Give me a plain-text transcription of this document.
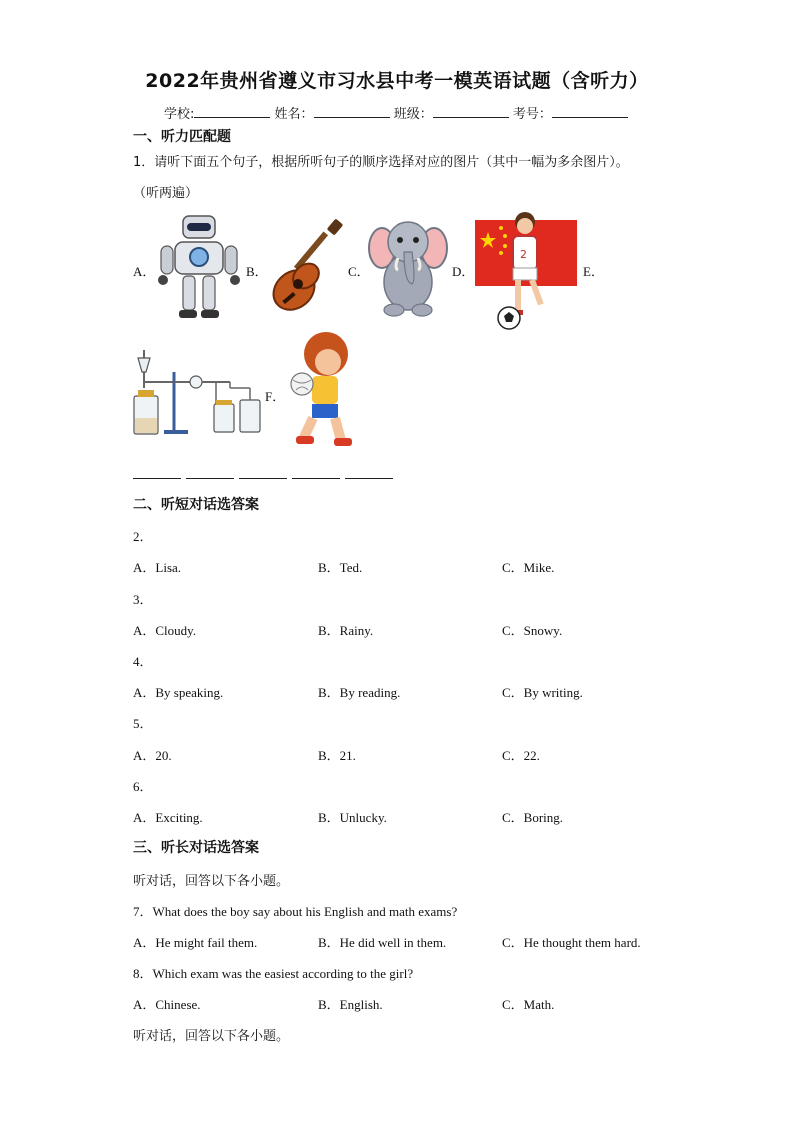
2022年贵州省遵义市习水县中考一模英语试题（含听力）
学校:	姓名：	班级：	考号：
一、听力匹配题
1．请听下面五个句子，根据所听句子的顺序选择对应的图片（其中一幅为多余图片）。
（听两遍）
A．	B．	C．	D．	E．
F．
2
二、听短对话选答案
2．
A．Lisa.	B．Ted.	C．Mike.
3．
A．Cloudy.	B．Rainy.	C．Snowy.
4．
A．By speaking.	B．By reading.	C．By writing.
5．
A．20.	B．21.	C．22.
6．
A．Exciting.	B．Unlucky.	C．Boring.
三、听长对话选答案
听对话，回答以下各小题。
7．What does the boy say about his English and math exams?
A．He might fail them.	B．He did well in them.	C．He thought them hard.
8．Which exam was the easiest according to the girl?
A．Chinese.	B．English.	C．Math.
听对话，回答以下各小题。
